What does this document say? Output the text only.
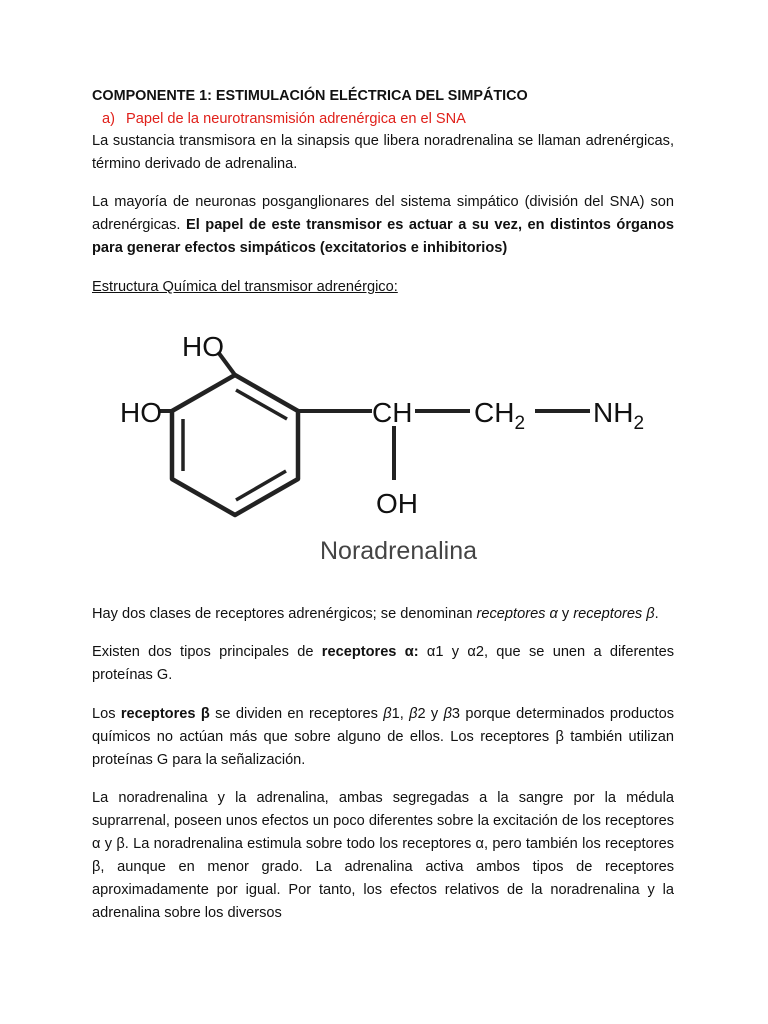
COMPONENTE 1: ESTIMULACIÓN ELÉCTRICA DEL SIMPÁTICO
a) Papel de la neurotransmisión adrenérgica en el SNA
La sustancia transmisora en la sinapsis que libera noradrenalina se llaman adrenérgicas, término derivado de adrenalina.
La mayoría de neuronas posganglionares del sistema simpático (división del SNA) son adrenérgicas. El papel de este transmisor es actuar a su vez, en distintos órganos para generar efectos simpáticos (excitatorios e inhibitorios)
Estructura Química del transmisor adrenérgico:
HO
HO	CH $CH_2$ $NH_2$
OH
Noradrenalina
Hay dos clases de receptores adrenérgicos; se denominan receptores α y receptores β.
Existen dos tipos principales de receptores α: α1 y α2, que se unen a diferentes proteínas G.
Los receptores β se dividen en receptores β1, β2 y β3 porque determinados productos químicos no actúan más que sobre alguno de ellos. Los receptores β también utilizan proteínas G para la señalización.
La noradrenalina y la adrenalina, ambas segregadas a la sangre por la médula suprarrenal, poseen unos efectos un poco diferentes sobre la excitación de los receptores α y β. La noradrenalina estimula sobre todo los receptores α, pero también los receptores β, aunque en menor grado. La adrenalina activa ambos tipos de receptores aproximadamente por igual. Por tanto, los efectos relativos de la noradrenalina y la adrenalina sobre los diversos
